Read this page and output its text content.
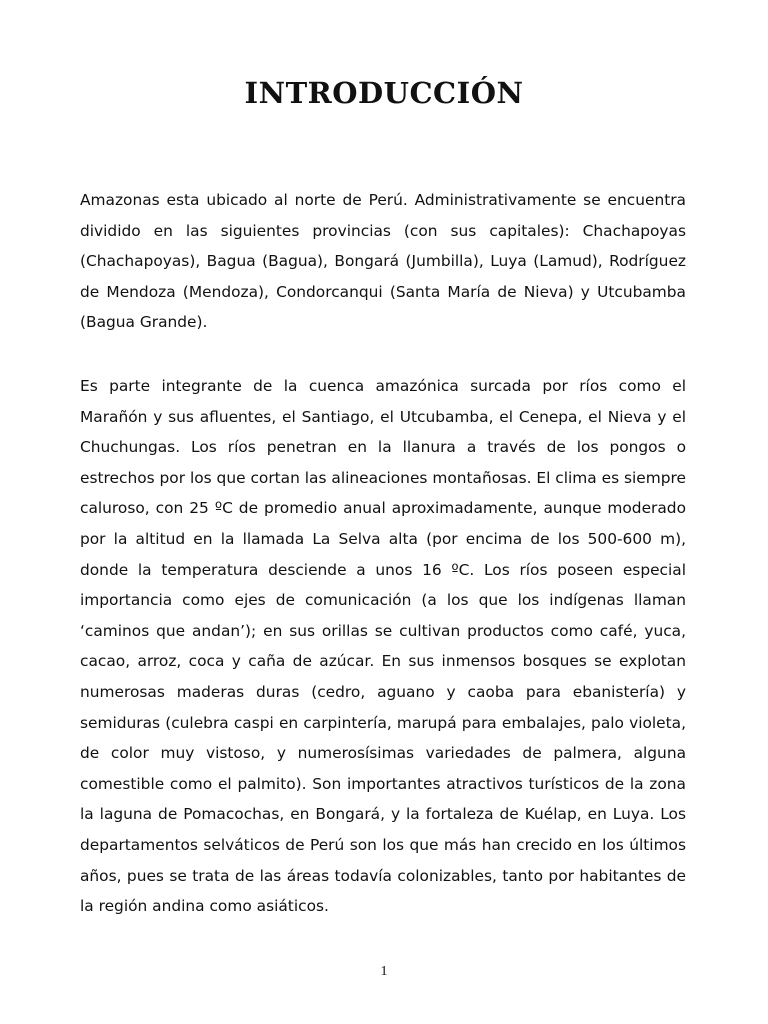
INTRODUCCIÓN

Amazonas esta ubicado al norte de Perú. Administrativamente se encuentra dividido en las siguientes provincias (con sus capitales): Chachapoyas (Chachapoyas), Bagua (Bagua), Bongará (Jumbilla), Luya (Lamud), Rodríguez de Mendoza (Mendoza), Condorcanqui (Santa María de Nieva) y Utcubamba (Bagua Grande).

Es parte integrante de la cuenca amazónica surcada por ríos como el Marañón y sus afluentes, el Santiago, el Utcubamba, el Cenepa, el Nieva y el Chuchungas. Los ríos penetran en la llanura a través de los pongos o estrechos por los que cortan las alineaciones montañosas. El clima es siempre caluroso, con 25 ºC de promedio anual aproximadamente, aunque moderado por la altitud en la llamada La Selva alta (por encima de los 500-600 m), donde la temperatura desciende a unos 16 ºC. Los ríos poseen especial importancia como ejes de comunicación (a los que los indígenas llaman ‘caminos que andan’); en sus orillas se cultivan productos como café, yuca, cacao, arroz, coca y caña de azúcar. En sus inmensos bosques se explotan numerosas maderas duras (cedro, aguano y caoba para ebanistería) y semiduras (culebra caspi en carpintería, marupá para embalajes, palo violeta, de color muy vistoso, y numerosísimas variedades de palmera, alguna comestible como el palmito). Son importantes atractivos turísticos de la zona la laguna de Pomacochas, en Bongará, y la fortaleza de Kuélap, en Luya. Los departamentos selváticos de Perú son los que más han crecido en los últimos años, pues se trata de las áreas todavía colonizables, tanto por habitantes de la región andina como asiáticos.

1
